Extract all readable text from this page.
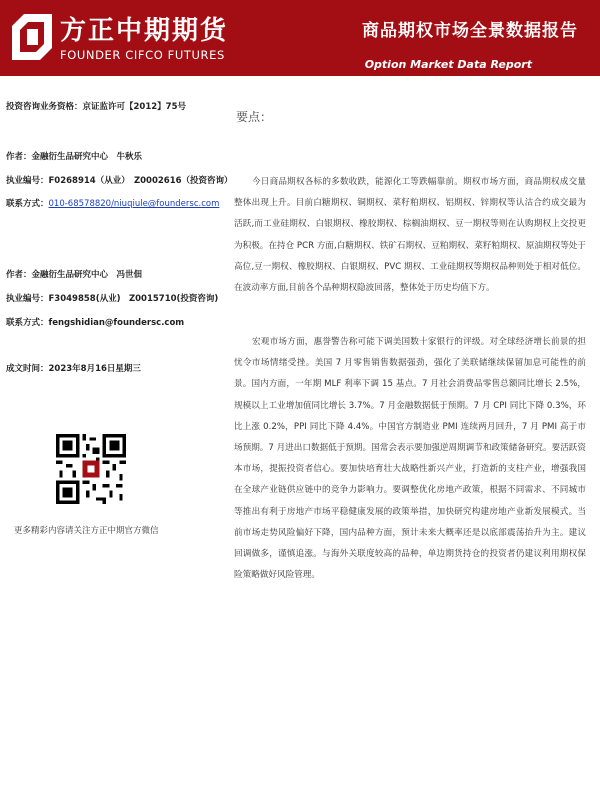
方正中期期货
FOUNDER CIFCO FUTURES
商品期权市场全景数据报告
Option Market Data Report
投资咨询业务资格：京证监许可【2012】75号
作者：金融衍生品研究中心　牛秋乐
执业编号：F0268914（从业）　Z0002616（投资咨询）
联系方式：010-68578820/niuqiule@foundersc.com
作者：金融衍生品研究中心　冯世佃
执业编号：F3049858(从业)　Z0015710(投资咨询)
联系方式：fengshidian@foundersc.com
成文时间：2023年8月16日星期三
更多精彩内容请关注方正中期官方微信
要点：
今日商品期权各标的多数收跌，能源化工等跌幅靠前。期权市场方面，商品期权成交量整体出现上升。目前白糖期权、铜期权、菜籽粕期权、铝期权、锌期权等认沽合约成交最为活跃,而工业硅期权、白银期权、橡胶期权、棕榈油期权、豆一期权等则在认购期权上交投更为积极。在持仓 PCR 方面,白糖期权、铁矿石期权、豆粕期权、菜籽粕期权、原油期权等处于高位,豆一期权、橡胶期权、白银期权、PVC 期权、工业硅期权等期权品种则处于相对低位。在波动率方面,目前各个品种期权隐波回落，整体处于历史均值下方。
宏观市场方面，惠誉警告称可能下调美国数十家银行的评级。对全球经济增长前景的担忧令市场情绪受挫。美国 7 月零售销售数据强劲，强化了美联储继续保留加息可能性的前景。国内方面，一年期 MLF 利率下调 15 基点。7 月社会消费品零售总额同比增长 2.5%，规模以上工业增加值同比增长 3.7%。7 月金融数据低于预期。7 月 CPI 同比下降 0.3%，环比上涨 0.2%，PPI 同比下降 4.4%。中国官方制造业 PMI 连续两月回升，7 月 PMI 高于市场预期。7 月进出口数据低于预期。国常会表示要加强逆周期调节和政策储备研究。要活跃资本市场，提振投资者信心。要加快培育壮大战略性新兴产业，打造新的支柱产业，增强我国在全球产业链供应链中的竞争力影响力。要调整优化房地产政策，根据不同需求、不同城市等推出有利于房地产市场平稳健康发展的政策举措，加快研究构建房地产业新发展模式。当前市场走势风险偏好下降，国内品种方面，预计未来大概率还是以底部震荡抬升为主。建议回调做多，谨慎追涨。与海外关联度较高的品种，单边期货持仓的投资者仍建议利用期权保险策略做好风险管理。
